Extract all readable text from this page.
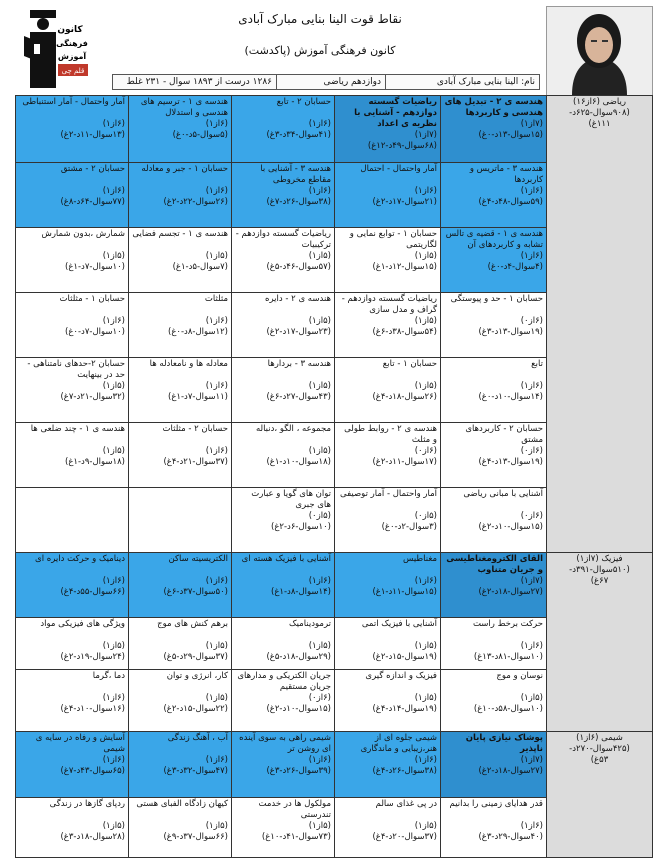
کانون
فرهنگی
آموزش
قلم چی
نقاط قوت الینا بنایی مبارک آبادی
کانون فرهنگی آموزش (پاکدشت)
نام: الینا بنایی مبارک آبادی
دوازدهم ریاضی
۱۲۸۶ درست از ۱۸۹۳ سوال - ۲۳۱ غلط
ریاضی (۶از۱۶)
(۹۰۸سوال-۶۲۵د-
۱۱۱غ)	هندسه ی ۲ - تبدیل های هندسی و کاربردها
(۷از۱)
(۱۵سوال-۱۳د-۰غ)	ریاضیات گسسته دوازدهم - آشنایی با نظریه ی اعداد
(۷از۱)
(۶۸سوال-۴۹د-۱۲غ)	حسابان ۲ - تابع
(۶از۱)
(۴۱سوال-۳۴د-۳غ)	هندسه ی ۱ - ترسیم های هندسی و استدلال
(۶از۱)
(۵سوال-۵د-۰غ)	آمار واحتمال - آمار استنباطی
(۶از۱)
(۱۳سوال-۱۱د-۲غ)

	هندسه ۳ - ماتریس و کاربردها
(۶از۱)
(۵۹سوال-۴۸د-۴غ)	آمار واحتمال - احتمال
(۶از۱)
(۲۱سوال-۱۷د-۲غ)	هندسه ۳ - آشنایی با مقاطع مخروطی
(۶از۱)
(۳۸سوال-۲۶د-۷غ)	حسابان ۱ - جبر و معادله
(۶از۱)
(۲۶سوال-۲۲د-۲غ)	حسابان ۲ - مشتق
(۶از۱)
(۷۷سوال-۶۴د-۸غ)

	هندسه ی ۱ - قضیه ی تالس تشابه و کاربردهای آن
(۶از۱)
(۴سوال-۴د-۰غ)	حسابان ۱ - توابع نمایی و لگاریتمی
(۵از۱)
(۱۵سوال-۱۲د-۱غ)	ریاضیات گسسته دوازدهم - ترکیبیات
(۵از۱)
(۵۷سوال-۴۶د-۵غ)	هندسه ی ۱ - تجسم فضایی
(۵از۱)
(۷سوال-۵د-۱غ)	شمارش ،بدون شمارش
(۵از۱)
(۱۰سوال-۷د-۱غ)

	حسابان ۱ - حد و پیوستگی
(۶از۰)
(۱۹سوال-۱۳د-۳غ)	ریاضیات گسسته دوازدهم - گراف و مدل سازی
(۵از۱)
(۵۴سوال-۳۸د-۶غ)	هندسه ی ۲ - دایره
(۵از۱)
(۲۳سوال-۱۷د-۲غ)	مثلثات
(۶از۱)
(۱۲سوال-۸د-۰غ)	حسابان ۱ - مثلثات
(۶از۱)
(۱۰سوال-۷د-۰غ)

	تابع
(۶از۱)
(۱۴سوال-۱۰د-۰غ)	حسابان ۱ - تابع
(۵از۱)
(۲۶سوال-۱۸د-۴غ)	هندسه ۳ - بردارها
(۵از۱)
(۴۳سوال-۲۷د-۶غ)	معادله ها و نامعادله ها
(۶از۱)
(۱۱سوال-۷د-۱غ)	حسابان ۲-حدهای نامتناهی - حد در بینهایت
(۵از۱)
(۳۲سوال-۲۱د-۷غ)

	حسابان ۲ - کاربردهای مشتق
(۶از۰)
(۱۹سوال-۱۳د-۴غ)	هندسه ی ۲ - روابط طولی و مثلث
(۶از۰)
(۱۷سوال-۱۱د-۲غ)	مجموعه ، الگو ،دنباله
(۵از۱)
(۱۸سوال-۱۰د-۱غ)	حسابان ۲ - مثلثات
(۶از۱)
(۳۷سوال-۲۱د-۴غ)	هندسه ی ۱ - چند ضلعی ها
(۵از۱)
(۱۸سوال-۹د-۱غ)

	آشنایی با مبانی ریاضی
(۶از۰)
(۱۵سوال-۱۰د-۲غ)	آمار واحتمال - آمار توصیفی
(۵از۰)
(۳سوال-۲د-۰غ)	توان های گویا و عبارت های جبری
(۵از۰)
(۱۰سوال-۶د-۲غ)		

فیزیک (۷از۱)
(۵۱۰سوال-۳۹۱د-
۶۷غ)	القای الکترومغناطیسی و جریان متناوب
(۷از۱)
(۲۷سوال-۱۸د-۲غ)	مغناطیس
(۶از۱)
(۱۵سوال-۱۱د-۱غ)	آشنایی با فیزیک هسته ای
(۶از۱)
(۱۴سوال-۸د-۱غ)	الکتریسیته ساکن
(۶از۱)
(۵۰سوال-۳۷د-۶غ)	دینامیک و حرکت دایره ای
(۶از۱)
(۶۶سوال-۵۵د-۴غ)

	حرکت برخط راست
(۶از۱)
(۱۰سوال-۸۱د-۱۳غ)	آشنایی با فیزیک اتمی
(۵از۱)
(۱۹سوال-۱۵د-۲غ)	ترمودینامیک
(۵از۱)
(۲۹سوال-۱۸د-۵غ)	برهم کنش های موج
(۵از۱)
(۳۷سوال-۲۹د-۵غ)	ویژگی های فیزیکی مواد
(۵از۱)
(۲۴سوال-۱۹د-۲غ)

	نوسان و موج
(۵از۱)
(۱۰سوال-۵۸د-۱۰غ)	فیزیک و اندازه گیری
(۵از۱)
(۱۹سوال-۱۴د-۴غ)	جریان الکتریکی و مدارهای جریان مستقیم
(۶از۰)
(۱۵سوال-۱۰د-۲غ)	کار، انرژی و توان
(۵از۱)
(۲۲سوال-۱۵د-۲غ)	دما ،گرما
(۶از۱)
(۱۶سوال-۱۰د-۴غ)

شیمی (۶از۱)
(۴۲۵سوال-۲۷۰د-
۵۳غ)	پوشاک نیازی پایان ناپذیر
(۷از۱)
(۲۷سوال-۱۸د-۲غ)	شیمی جلوه ای از هنر،زیبایی و ماندگاری
(۶از۱)
(۳۸سوال-۲۶د-۴غ)	شیمی راهی به سوی آینده ای روشن تر
(۶از۱)
(۳۹سوال-۲۶د-۳غ)	آب ، آهنگ زندگی
(۶از۱)
(۴۷سوال-۳۲د-۳غ)	آسایش و رفاه در سایه ی شیمی
(۶از۱)
(۶۵سوال-۴۳د-۷غ)

	قدر هدایای زمینی را بدانیم
(۶از۱)
(۴۰سوال-۲۹د-۳غ)	در پی غذای سالم
(۵از۱)
(۳۷سوال-۲۰د-۴غ)	مولکول ها در خدمت تندرستی
(۵از۱)
(۷۳سوال-۴۱د-۱۰غ)	کیهان زادگاه الفبای هستی
(۵از۱)
(۶۶سوال-۳۷د-۹غ)	ردپای گازها در زندگی
(۵از۱)
(۲۸سوال-۱۸د-۳غ)
